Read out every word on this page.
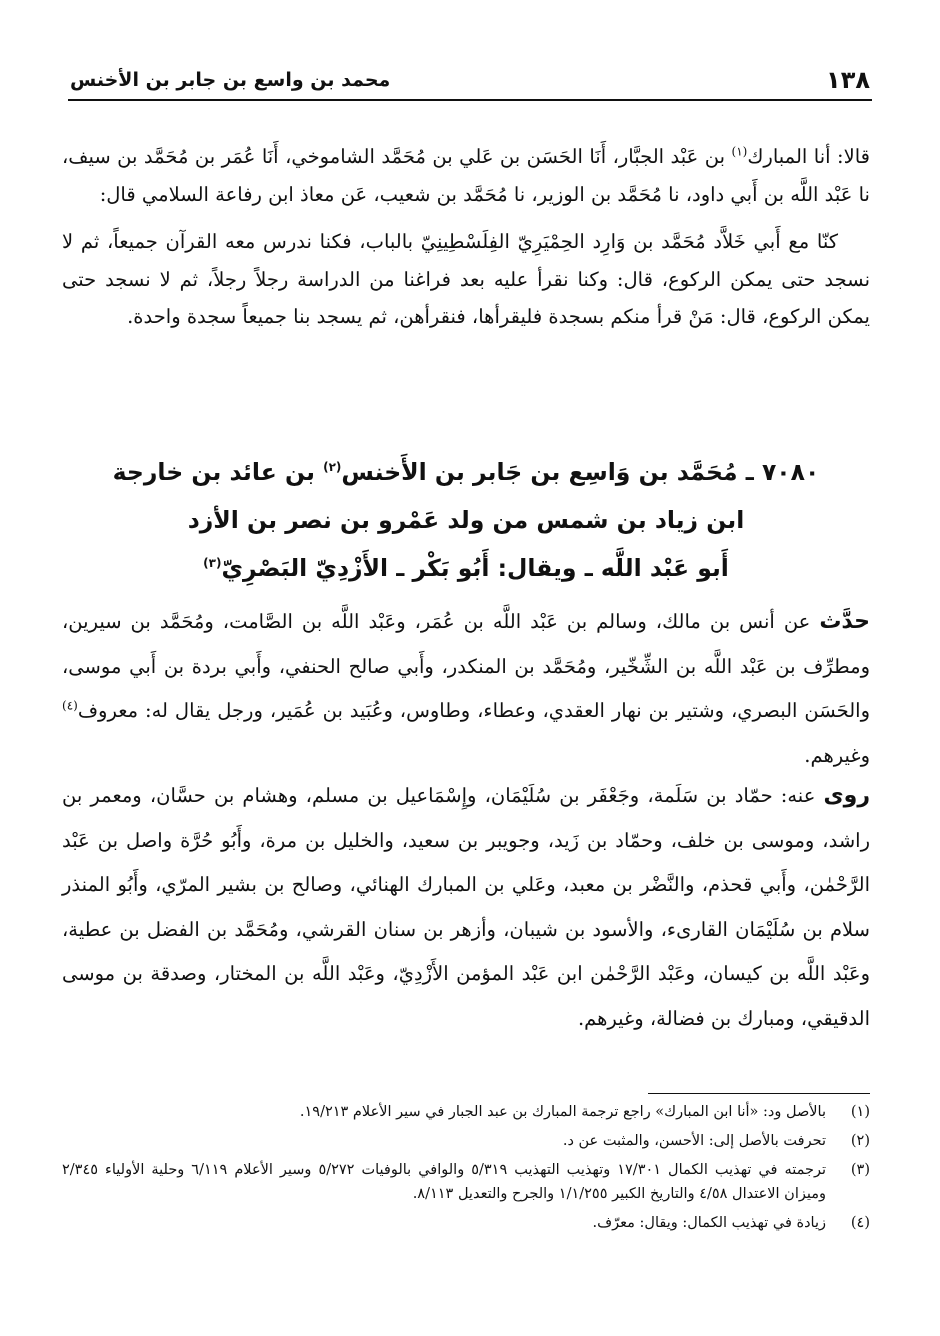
١٣٨
محمد بن واسع بن جابر بن الأخنس

قالا: أنا المبارك$^{(١)}$ بن عَبْد الجبَّار، أَنَا الحَسَن بن عَلي بن مُحَمَّد الشاموخي، أَنَا عُمَر بن مُحَمَّد بن سيف، نا عَبْد اللَّه بن أَبي داود، نا مُحَمَّد بن الوزير، نا مُحَمَّد بن شعيب، عَن معاذ ابن رفاعة السلامي قال:

كنّا مع أَبي خَلاَّد مُحَمَّد بن وَارِد الحِمْيَرِيّ الفِلَسْطِينِيّ بالباب، فكنا ندرس معه القرآن جميعاً، ثم لا نسجد حتى يمكن الركوع، قال: وكنا نقرأ عليه بعد فراغنا من الدراسة رجلاً رجلاً، ثم لا نسجد حتى يمكن الركوع، قال: مَنْ قرأ منكم بسجدة فليقرأها، فنقرأهن، ثم يسجد بنا جميعاً سجدة واحدة.

٧٠٨٠ ـ مُحَمَّد بن وَاسِع بن جَابر بن الأَخنس$^{(٢)}$ بن عائد بن خارجة
ابن زياد بن شمس من ولد عَمْرو بن نصر بن الأزد
أَبو عَبْد اللَّه ـ ويقال: أَبُو بَكْر ـ الأَزْدِيّ البَصْرِيّ$^{(٣)}$

حدَّث عن أنس بن مالك، وسالم بن عَبْد اللَّه بن عُمَر، وعَبْد اللَّه بن الصَّامت، ومُحَمَّد بن سيرين، ومطرِّف بن عَبْد اللَّه بن الشِّخّير، ومُحَمَّد بن المنكدر، وأَبي صالح الحنفي، وأَبي بردة بن أَبي موسى، والحَسَن البصري، وشتير بن نهار العقدي، وعطاء، وطاوس، وعُبَيد بن عُمَير، ورجل يقال له: معروف$^{(٤)}$ وغيرهم.

روى عنه: حمّاد بن سَلَمة، وجَعْفَر بن سُلَيْمَان، وإِسْمَاعيل بن مسلم، وهشام بن حسَّان، ومعمر بن راشد، وموسى بن خلف، وحمّاد بن زَيد، وجويبر بن سعيد، والخليل بن مرة، وأَبُو حُرَّة واصل بن عَبْد الرَّحْمٰن، وأَبي قحذم، والنَّضْر بن معبد، وعَلي بن المبارك الهنائي، وصالح بن بشير المرّي، وأَبُو المنذر سلام بن سُلَيْمَان القارىء، والأسود بن شيبان، وأزهر بن سنان القرشي، ومُحَمَّد بن الفضل بن عطية، وعَبْد اللَّه بن كيسان، وعَبْد الرَّحْمٰن ابن عَبْد المؤمن الأَزْدِيّ، وعَبْد اللَّه بن المختار، وصدقة بن موسى الدقيقي، ومبارك بن فضالة، وغيرهم.

(١)
بالأصل ود: «أنا ابن المبارك» راجع ترجمة المبارك بن عبد الجبار في سير الأعلام ١٩/٢١٣.
(٢)
تحرفت بالأصل إلى: الأحسن، والمثبت عن د.
(٣)
ترجمته في تهذيب الكمال ١٧/٣٠١ وتهذيب التهذيب ٥/٣١٩ والوافي بالوفيات ٥/٢٧٢ وسير الأعلام ٦/١١٩ وحلية الأولياء ٢/٣٤٥ وميزان الاعتدال ٤/٥٨ والتاريخ الكبير ١/١/٢٥٥ والجرح والتعديل ٨/١١٣.
(٤)
زيادة في تهذيب الكمال: ويقال: معرّف.
